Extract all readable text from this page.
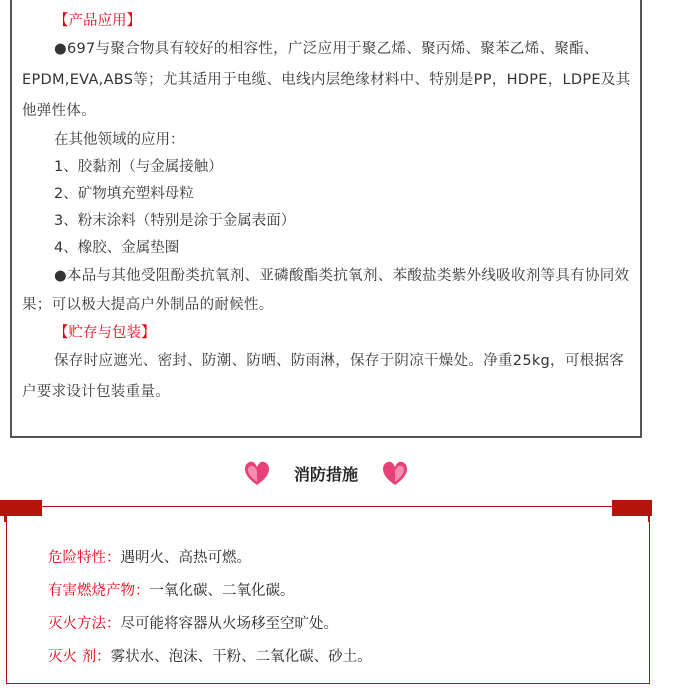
【产品应用】

●697与聚合物具有较好的相容性，广泛应用于聚乙烯、聚丙烯、聚苯乙烯、聚酯、EPDM,EVA,ABS等；尤其适用于电缆、电线内层绝缘材料中、特别是PP，HDPE，LDPE及其他弹性体。

在其他领域的应用：
1、胶黏剂（与金属接触）
2、矿物填充塑料母粒
3、粉末涂料（特别是涂于金属表面）
4、橡胶、金属垫圈

●本品与其他受阻酚类抗氧剂、亚磷酸酯类抗氧剂、苯酸盐类紫外线吸收剂等具有协同效果；可以极大提高户外制品的耐候性。

【贮存与包装】

保存时应遮光、密封、防潮、防晒、防雨淋，保存于阴凉干燥处。净重25kg，可根据客户要求设计包装重量。

消防措施
危险特性：遇明火、高热可燃。
有害燃烧产物：一氧化碳、二氧化碳。
灭火方法：尽可能将容器从火场移至空旷处。
灭火 剂：雾状水、泡沫、干粉、二氧化碳、砂土。
